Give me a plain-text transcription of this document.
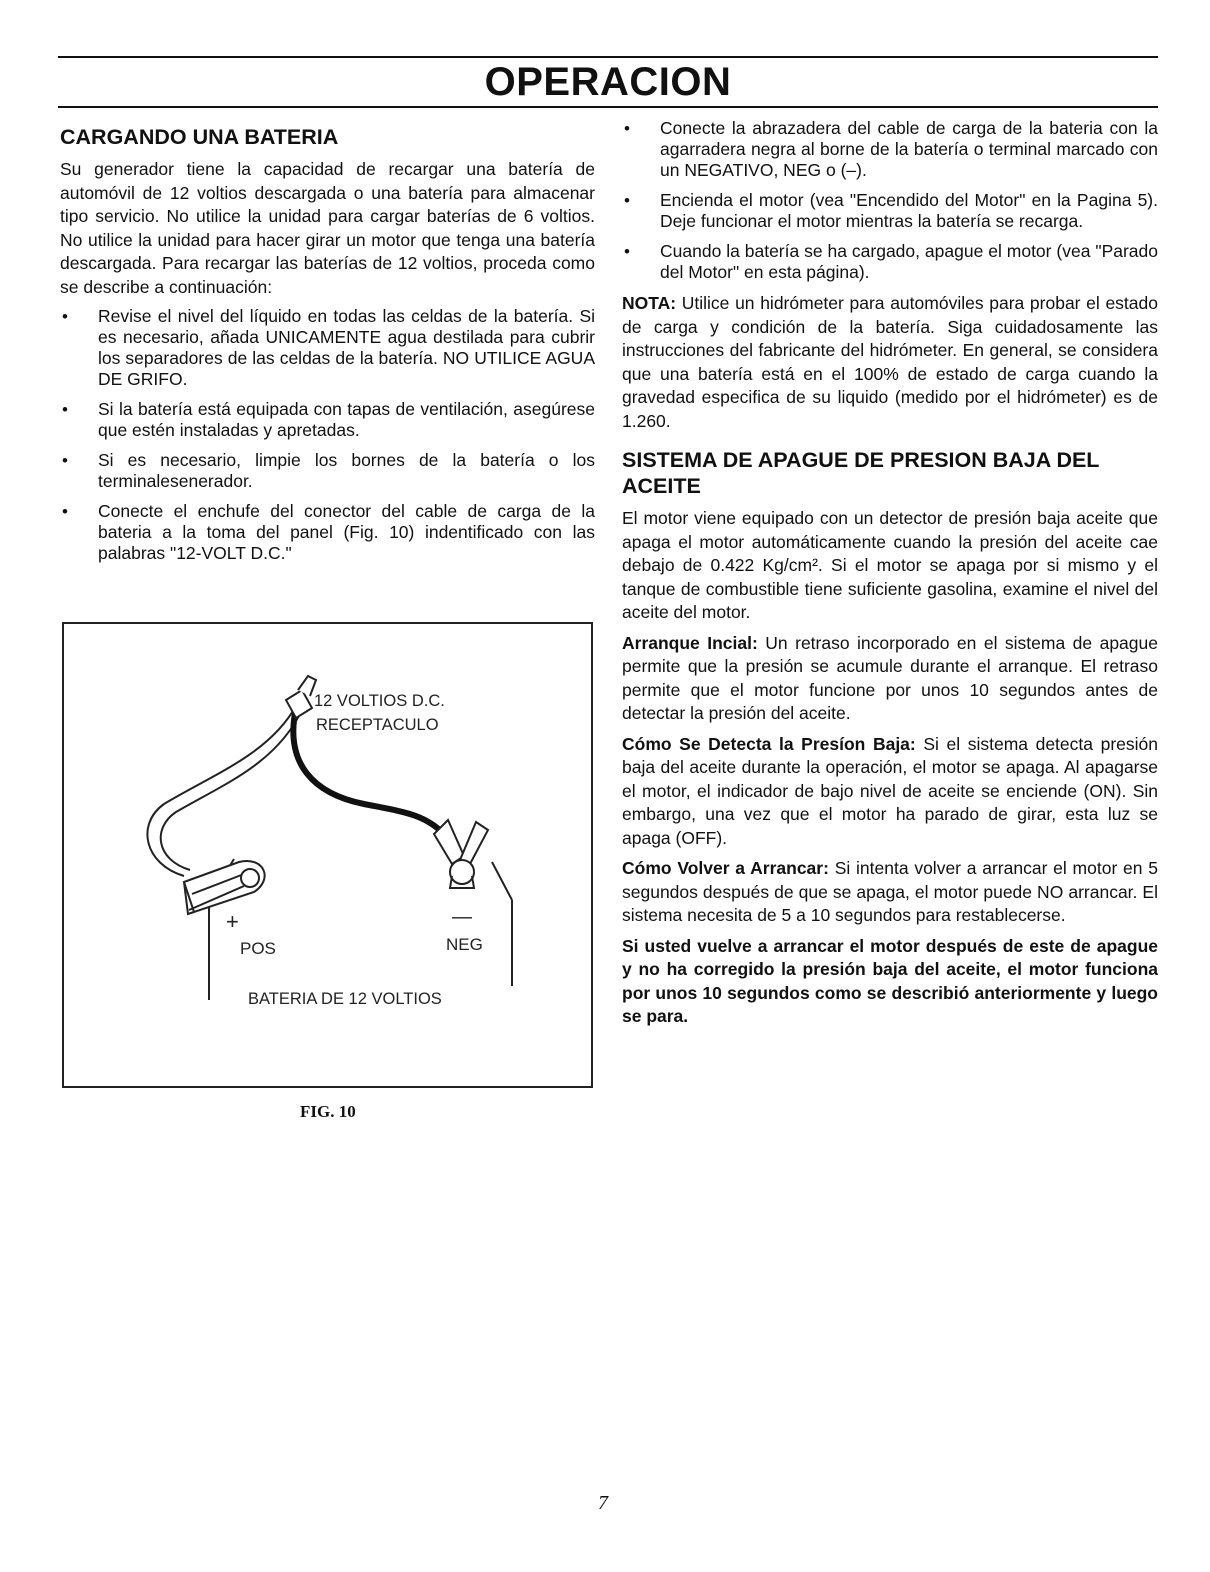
OPERACION
CARGANDO UNA BATERIA

Su generador tiene la capacidad de recargar una batería de automóvil de 12 voltios descargada o una batería para almacenar tipo servicio. No utilice la unidad para cargar baterías de 6 voltios. No utilice la unidad para hacer girar un motor que tenga una batería descargada. Para recargar las baterías de 12 voltios, proceda como se describe a continuación:

• Revise el nivel del líquido en todas las celdas de la batería. Si es necesario, añada UNICAMENTE agua destilada para cubrir los separadores de las celdas de la batería. NO UTILICE AGUA DE GRIFO.
• Si la batería está equipada con tapas de ventilación, asegúrese que estén instaladas y apretadas.
• Si es necesario, limpie los bornes de la batería o los terminalesenerador.
• Conecte el enchufe del conector del cable de carga de la bateria a la toma del panel (Fig. 10) indentificado con las palabras "12-VOLT D.C."
+	—
POS	NEG
BATERIA DE 12 VOLTIOS
12 VOLTIOS D.C.
RECEPTACULO
FIG. 10
• Conecte la abrazadera del cable de carga de la bateria con la agarradera negra al borne de la batería o terminal marcado con un NEGATIVO, NEG o (–).
• Encienda el motor (vea "Encendido del Motor" en la Pagina 5). Deje funcionar el motor mientras la batería se recarga.
• Cuando la batería se ha cargado, apague el motor (vea "Parado del Motor" en esta página).

NOTA: Utilice un hidrómeter para automóviles para probar el estado de carga y condición de la batería. Siga cuidadosamente las instrucciones del fabricante del hidrómeter. En general, se considera que una batería está en el 100% de estado de carga cuando la gravedad especifica de su liquido (medido por el hidrómeter) es de 1.260.

SISTEMA DE APAGUE DE PRESION BAJA DEL ACEITE

El motor viene equipado con un detector de presión baja aceite que apaga el motor automáticamente cuando la presión del aceite cae debajo de 0.422 Kg/cm². Si el motor se apaga por si mismo y el tanque de combustible tiene suficiente gasolina, examine el nivel del aceite del motor.

Arranque Incial: Un retraso incorporado en el sistema de apague permite que la presión se acumule durante el arranque. El retraso permite que el motor funcione por unos 10 segundos antes de detectar la presión del aceite.

Cómo Se Detecta la Presíon Baja: Si el sistema detecta presión baja del aceite durante la operación, el motor se apaga. Al apagarse el motor, el indicador de bajo nivel de aceite se enciende (ON). Sin embargo, una vez que el motor ha parado de girar, esta luz se apaga (OFF).

Cómo Volver a Arrancar: Si intenta volver a arrancar el motor en 5 segundos después de que se apaga, el motor puede NO arrancar. El sistema necesita de 5 a 10 segundos para restablecerse.

Si usted vuelve a arrancar el motor después de este de apague y no ha corregido la presión baja del aceite, el motor funciona por unos 10 segundos como se describió anteriormente y luego se para.

7
